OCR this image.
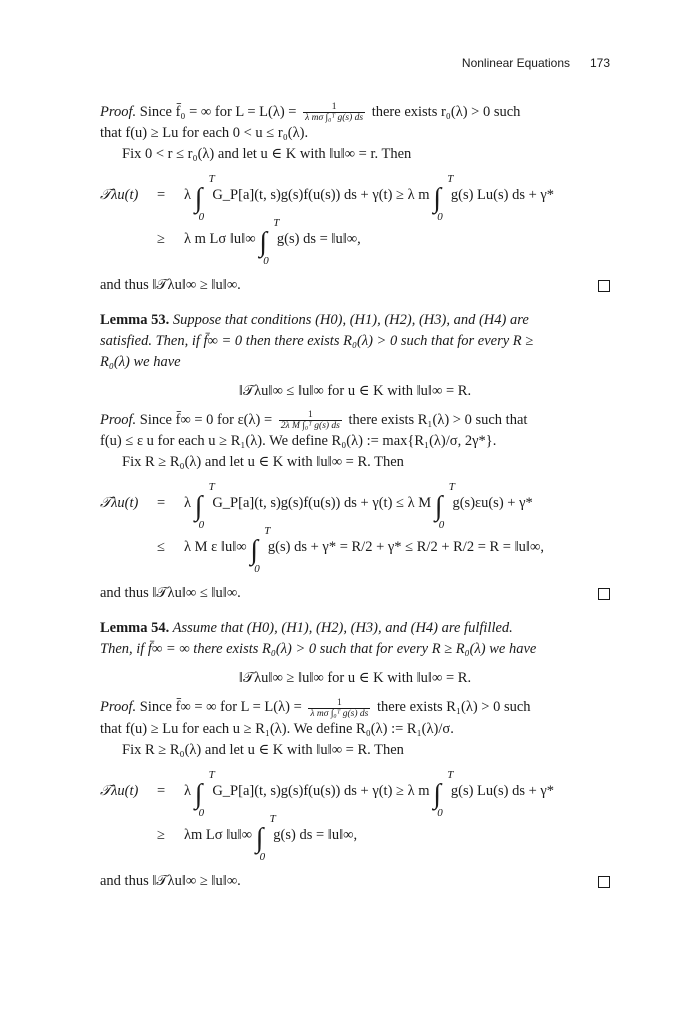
Nonlinear Equations 173
Proof. Since f̄₀ = ∞ for $L = L(\lambda) = \frac{1}{\text{λ mσ ∫₀ᵀ g(s) ds}}$ there exists r₀(λ) > 0 such
that f(u) ≥ Lu for each 0 < u ≤ r₀(λ).
Fix 0 < r ≤ r₀(λ) and let u ∈ K with ‖u‖∞ = r. Then
𝒯λu(t) = λ ∫
T
0
G_P[a](t, s)g(s)f(u(s)) ds + γ(t) ≥ λ m ∫
T
0
g(s) Lu(s) ds + γ*
≥ λ m Lσ ‖u‖∞ ∫
T
0
g(s) ds = ‖u‖∞,
and thus ‖𝒯λu‖∞ ≥ ‖u‖∞.
Lemma 53. Suppose that conditions (H0), (H1), (H2), (H3), and (H4) are
satisfied. Then, if f̄∞ = 0 then there exists R₀(λ) > 0 such that for every R ≥
R₀(λ) we have
‖𝒯λu‖∞ ≤ ‖u‖∞ for u ∈ K with ‖u‖∞ = R.
Proof. Since f̄∞ = 0 for $\varepsilon(\lambda) = \frac{1}{\text{2λ M ∫₀ᵀ g(s) ds}}$ there exists R₁(λ) > 0 such that
f(u) ≤ ε u for each u ≥ R₁(λ). We define R₀(λ) := max{R₁(λ)/σ, 2γ*}.
Fix R ≥ R₀(λ) and let u ∈ K with ‖u‖∞ = R. Then
𝒯λu(t) = λ ∫
T
0
G_P[a](t, s)g(s)f(u(s)) ds + γ(t) ≤ λ M ∫
T
0
g(s)εu(s) + γ*
≤ λ M ε ‖u‖∞ ∫
T
0
g(s) ds + γ* = R/2 + γ* ≤ R/2 + R/2 = R = ‖u‖∞,
and thus ‖𝒯λu‖∞ ≤ ‖u‖∞.
Lemma 54. Assume that (H0), (H1), (H2), (H3), and (H4) are fulfilled.
Then, if f̄∞ = ∞ there exists R₀(λ) > 0 such that for every R ≥ R₀(λ) we have
‖𝒯λu‖∞ ≥ ‖u‖∞ for u ∈ K with ‖u‖∞ = R.
Proof. Since f̄∞ = ∞ for $L = L(\lambda) = \frac{1}{\text{λ mσ ∫₀ᵀ g(s) ds}}$ there exists R₁(λ) > 0 such
that f(u) ≥ Lu for each u ≥ R₁(λ). We define R₀(λ) := R₁(λ)/σ.
Fix R ≥ R₀(λ) and let u ∈ K with ‖u‖∞ = R. Then
𝒯λu(t) = λ ∫
T
0
G_P[a](t, s)g(s)f(u(s)) ds + γ(t) ≥ λ m ∫
T
0
g(s) Lu(s) ds + γ*
≥ λm Lσ ‖u‖∞ ∫
T
0
g(s) ds = ‖u‖∞,
and thus ‖𝒯λu‖∞ ≥ ‖u‖∞.
